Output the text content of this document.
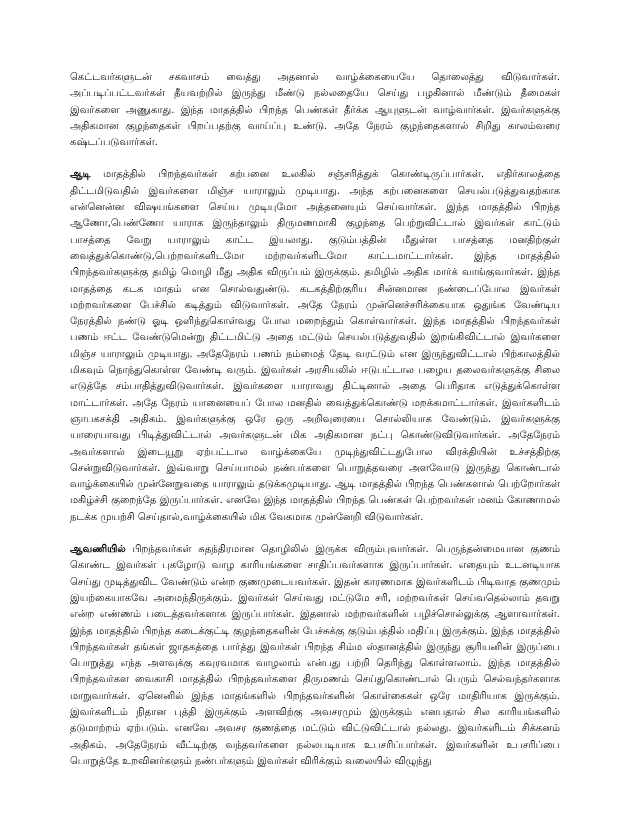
கெட்டவர்களுடன் சகவாசம் வைத்து அதனால் வாழ்க்கையையே தொலைத்து விடுவார்கள். அப்படிப்பட்டவர்கள் தீயவற்றில் இருந்து மீண்டு நல்லதையே செய்து பழகினால் மீண்டும் தீமைகள் இவர்களை அணுகாது. இந்த மாதத்தில் பிறந்த பெண்கள் தீர்க்க ஆயுளுடன் வாழ்வார்கள். இவர்களுக்கு அதிகமான குழந்தைகள் பிறப்பதற்கு வாய்ப்பு உண்டு. அதே நேரம் குழந்தைகளால் சிறிது காலம்வரை கஷ்டப்படுவார்கள்.

ஆடி மாதத்தில் பிறந்தவர்கள் கற்பனை உலகில் சஞ்சரித்துக் கொண்டிருப்பார்கள். எதிர்காலத்தை திட்டமிடுவதில் இவர்களை மிஞ்ச யாராலும் முடியாது. அந்த கற்பனைகளை செயல்படுத்துவதற்காக என்னென்ன விஷயங்களை செய்ய முடியுமோ அத்தனையும் செய்வார்கள். இந்த மாதத்தில் பிறந்த ஆணோ,பெண்ணோ யாராக இருந்தாலும் திருமணமாகி குழந்தை பெற்றுவிட்டால் இவர்கள் காட்டும் பாசத்தை வேறு யாராலும் காட்ட இயலாது. குடும்பத்தின் மீதுள்ள பாசத்தை மனதிற்குள் வைத்துக்கொண்டு,பெற்றவர்களிடமோ மற்றவர்களிடமோ காட்டமாட்டார்கள். இந்த மாதத்தில் பிறந்தவர்களுக்கு தமிழ் மொழி மீது அதிக விருப்பம் இருக்கும். தமிழில் அதிக மார்க் வாங்குவார்கள். இந்த மாதத்தை கடக மாதம் என சொல்வதுண்டு. கடகத்திற்குரிய சின்னமான நண்டைப்போல இவர்கள் மற்றவர்களை பேச்சில் கடித்தும் விடுவார்கள். அதே நேரம் முன்னெச்சரிக்கையாக ஒதுங்க வேண்டிய நேரத்தில் நண்டு ஓடி ஒளிந்துகொள்வது போல மறைந்தும் கொள்வார்கள். இந்த மாதத்தில் பிறந்தவர்கள் பணம் ஈட்ட வேண்டுமென்று திட்டமிட்டு அதை மட்டும் செயல்படுத்துவதில் இறங்கிவிட்டால் இவர்களை மிஞ்ச யாராலும் முடியாது. அதேநேரம் பணம் நம்மைத் தேடி வரட்டும் என இருந்துவிட்டால் பிற்காலத்தில் மிகவும் நொந்துகொள்ள வேண்டி வரும். இவர்கள் அரசியலில் ஈடுபட்டால பழைய தலைவர்களுக்கு சிலை எடுத்தே சம்பாதித்துவிடுவார்கள். இவர்களை யாராவது திட்டினால் அதை பெரிதாக எடுத்துக்கொள்ள மாட்டார்கள். அதே நேரம் யானையைப் போல மனதில் வைத்துக்கொண்டு மறக்கமாட்டார்கள். இவர்களிடம் ஞாபகசக்தி அதிகம். இவர்களுக்கு ஒரே ஒரு அறிவுரையை சொல்லியாக வேண்டும். இவர்களுக்கு யாரையாவது பிடித்துவிட்டால் அவர்களுடன் மிக அதிகமான நட்பு கொண்டுவிடுவார்கள். அதேநேரம் அவர்களால் இடையூறு ஏற்பட்டால வாழ்க்கையே முடிந்துவிட்டதுபோல விரக்தியின் உச்சத்திற்கு சென்றுவிடுவார்கள். இவ்வாறு செய்யாமல் நண்பர்களை பொறுத்தவரை அளவோடு இருந்து கொண்டால் வாழ்க்கையில் முன்னேறுவதை யாராலும் தடுக்கமுடியாது. ஆடி மாதத்தில் பிறந்த பெண்களால் பெற்றோர்கள் மகிழ்ச்சி குறைந்தே இருப்பார்கள். எனவே இந்த மாதத்தில் பிறந்த பெண்கள் பெற்றவர்கள் மனம் கோணாமல் நடக்க முயற்சி செய்தால்,வாழ்க்கையில் மிக வேகமாக முன்னேறி விடுவார்கள்.

ஆவணியில் பிறந்தவர்கள் சுதந்திரமான தொழிலில் இருக்க விரும்புவார்கள். பெருந்தன்மையான குணம் கொண்ட இவர்கள் புகழோடு வாழ காரியங்களை சாதிப்பவர்களாக இருப்பார்கள். எதையும் உடனடியாக செய்து முடித்துவிட வேண்டும் என்ற குணமுடையவர்கள். இதன் காரணமாக இவர்களிடம் பிடிவாத குணமும் இயற்கையாகவே அமைந்திருக்கும். இவர்கள் செய்வது மட்டுமே சரி, மற்றவர்கள் செய்வதெல்லாம் தவறு என்ற எண்ணம் படைத்தவர்களாக இருப்பார்கள். இதனால் மற்றவர்களின் பழிச்சொல்லுக்கு ஆளாவார்கள். இந்த மாதத்தில் பிறந்த கடைக்குட்டி குழந்தைகளின் பேச்சுக்கு குடும்பத்தில் மதிப்பு இருக்கும். இந்த மாதத்தில் பிறந்தவர்கள் தங்கள் ஜாதகத்தை பார்த்து இவர்கள் பிறந்த சிம்ம ஸ்தானத்தில் இருந்து சூரியனின் இருப்பை பொறுத்து எந்த அளவுக்கு கவுரவமாக வாழலாம் என்பது பற்றி தெரிந்து கொள்ளலாம். இந்த மாதத்தில் பிறந்தவர்கள வைகாசி மாதத்தில் பிறந்தவர்களை திருமணம் செய்துகொண்டால் பெரும் செல்வந்தர்களாக மாறுவார்கள். ஏனெனில் இந்த மாதங்களில் பிறந்தவர்களின் கொள்கைகள் ஒரே மாதிரியாக இருக்கும். இவர்களிடம் நிதான புத்தி இருக்கும் அளவிற்கு அவசரமும் இருக்கும் எனபதால் சில காரியங்களில் தடுமாற்றம் ஏற்படும். எனவே அவசர குணத்தை மட்டும் விட்டுவிட்டால் நல்லது. இவர்களிடம் சிக்கனம் அதிகம். அதேநேரம் வீட்டிற்கு வந்தவர்களை நல்லபடியாக உபசரிப்பார்கள். இவர்களின் உபசரிப்பை பொறுத்தே உறவினர்களும் நண்பர்களும் இவர்கள் விரிக்கும் வலையில் விழுந்து
